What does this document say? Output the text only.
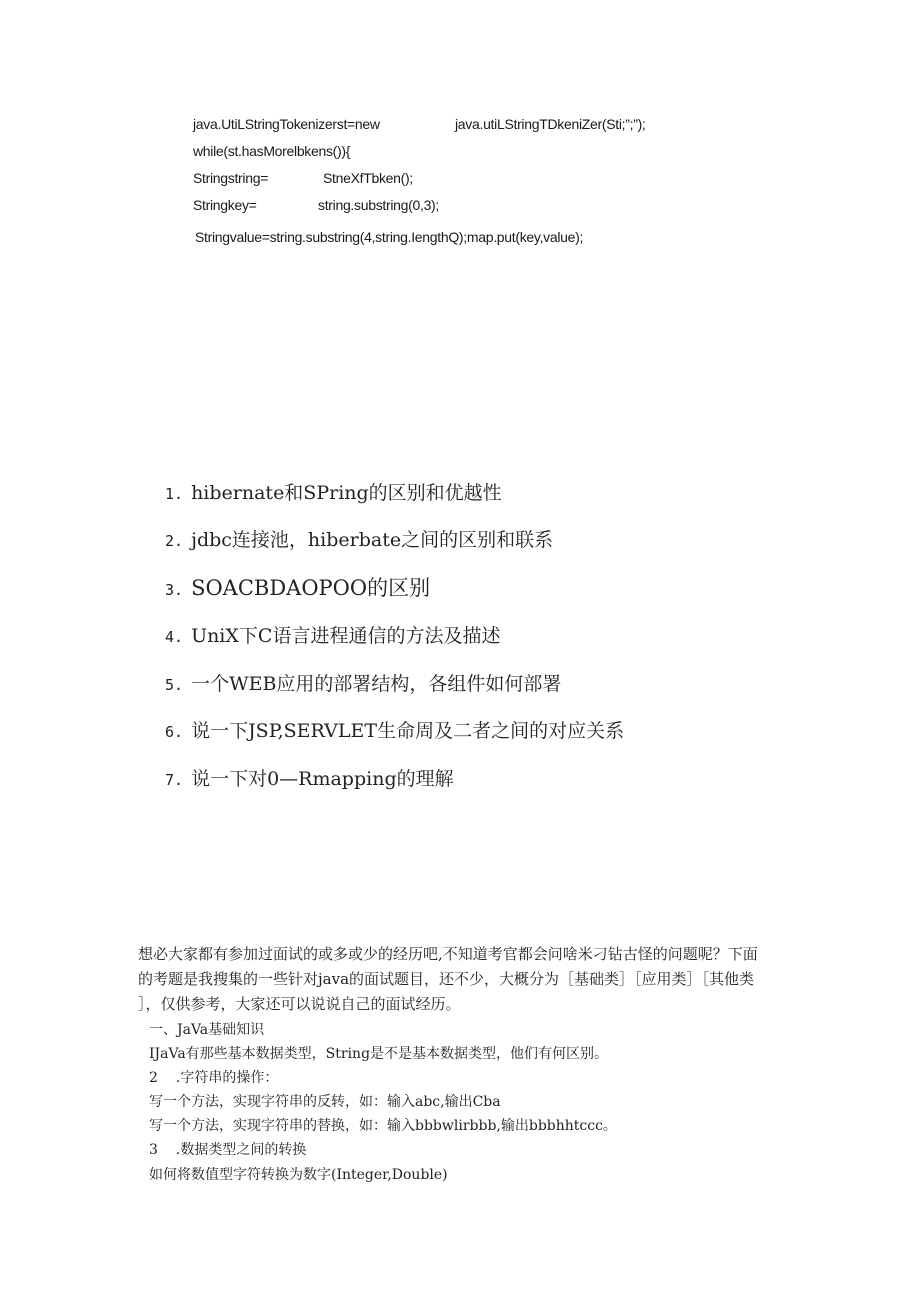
java.UtiLStringTokenizerst=new	java.utiLStringTDkeniZer(Sti;”;”);
while(st.hasMorelbkens()){
Stringstring=	StneXfTbken();
Stringkey=	string.substring(0,3);
Stringvalue=string.substring(4,string.IengthQ);map.put(key,value);
1. hibernate和SPring的区别和优越性
2. jdbc连接池，hiberbate之间的区别和联系
3. SOACBDAOPOO的区别
4. UniX下C语言进程通信的方法及描述
5. 一个WEB应用的部署结构，各组件如何部署
6. 说一下JSP,SERVLET生命周及二者之间的对应关系
7. 说一下对0—Rmapping的理解
想必大家都有参加过面试的或多或少的经历吧,不知道考官都会问啥米刁钻古怪的问题呢？下面
的考题是我搜集的一些针对java的面试题目，还不少，大概分为［基础类］［应用类］［其他类
］，仅供参考，大家还可以说说自己的面试经历。
一、JaVa基础知识
IJaVa有那些基本数据类型，String是不是基本数据类型，他们有何区别。
2 .字符串的操作：
写一个方法，实现字符串的反转，如：输入abc,输出Cba
写一个方法，实现字符串的替换，如：输入bbbwlirbbb,输出bbbhhtccc。
3 .数据类型之间的转换
如何将数值型字符转换为数字(Integer,Double)
